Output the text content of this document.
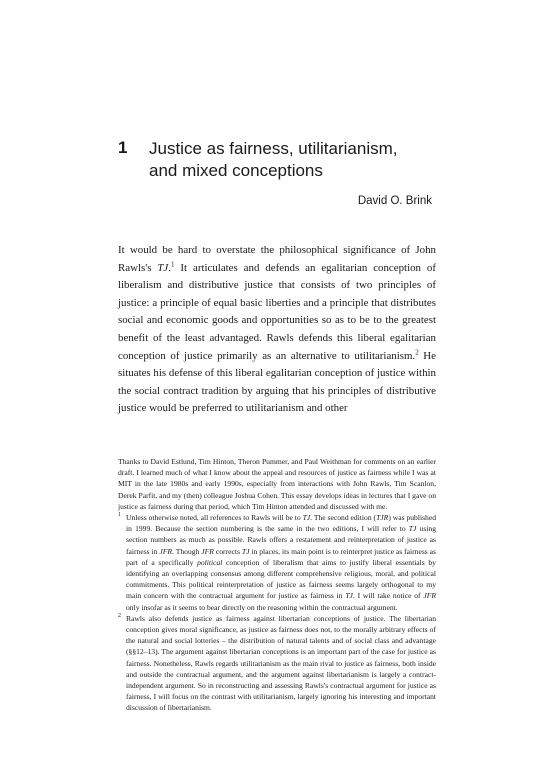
1 Justice as fairness, utilitarianism,
and mixed conceptions
David O. Brink

It would be hard to overstate the philosophical significance of John Rawls's TJ.$^1$ It articulates and defends an egalitarian conception of liberalism and distributive justice that consists of two principles of justice: a principle of equal basic liberties and a principle that distributes social and economic goods and opportunities so as to be to the greatest benefit of the least advantaged. Rawls defends this liberal egalitarian conception of justice primarily as an alternative to utilitarianism.$^2$ He situates his defense of this liberal egalitarian conception of justice within the social contract tradition by arguing that his principles of distributive justice would be preferred to utilitarianism and other

Thanks to David Estlund, Tim Hinton, Theron Pummer, and Paul Weithman for comments on an earlier draft. I learned much of what I know about the appeal and resources of justice as fairness while I was at MIT in the late 1980s and early 1990s, especially from interactions with John Rawls, Tim Scanlon, Derek Parfit, and my (then) colleague Joshua Cohen. This essay develops ideas in lectures that I gave on justice as fairness during that period, which Tim Hinton attended and discussed with me.

1 Unless otherwise noted, all references to Rawls will be to TJ. The second edition (TJR) was published in 1999. Because the section numbering is the same in the two editions, I will refer to TJ using section numbers as much as possible. Rawls offers a restatement and reinterpretation of justice as fairness in JFR. Though JFR corrects TJ in places, its main point is to reinterpret justice as fairness as part of a specifically political conception of liberalism that aims to justify liberal essentials by identifying an overlapping consensus among different comprehensive religious, moral, and political commitments. This political reinterpretation of justice as fairness seems largely orthogonal to my main concern with the contractual argument for justice as fairness in TJ. I will take notice of JFR only insofar as it seems to bear directly on the reasoning within the contractual argument.

2 Rawls also defends justice as fairness against libertarian conceptions of justice. The libertarian conception gives moral significance, as justice as fairness does not, to the morally arbitrary effects of the natural and social lotteries – the distribution of natural talents and of social class and advantage (§§12–13). The argument against libertarian conceptions is an important part of the case for justice as fairness. Nonetheless, Rawls regards utilitarianism as the main rival to justice as fairness, both inside and outside the contractual argument, and the argument against libertarianism is largely a contract-independent argument. So in reconstructing and assessing Rawls's contractual argument for justice as fairness, I will focus on the contrast with utilitarianism, largely ignoring his interesting and important discussion of libertarianism.
